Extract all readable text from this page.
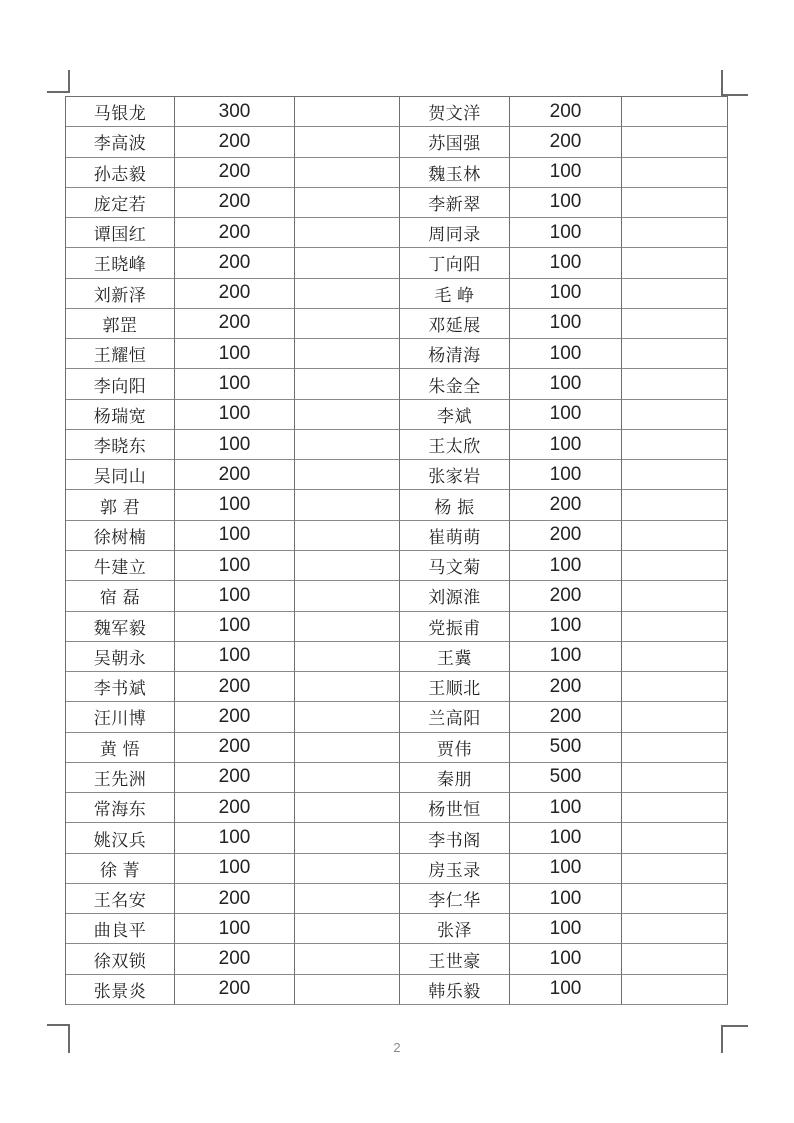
马银龙	300	贺文洋	200
李高波	200	苏国强	200
孙志毅	200	魏玉林	100
庞定若	200	李新翠	100
谭国红	200	周同录	100
王晓峰	200	丁向阳	100
刘新泽	200	毛 峥	100
郭罡	200	邓延展	100
王耀恒	100	杨清海	100
李向阳	100	朱金全	100
杨瑞宽	100	李斌	100
李晓东	100	王太欣	100
吴同山	200	张家岩	100
郭 君	100	杨 振	200
徐树楠	100	崔萌萌	200
牛建立	100	马文菊	100
宿 磊	100	刘源淮	200
魏军毅	100	党振甫	100
吴朝永	100	王冀	100
李书斌	200	王顺北	200
汪川博	200	兰高阳	200
黄 悟	200	贾伟	500
王先洲	200	秦朋	500
常海东	200	杨世恒	100
姚汉兵	100	李书阁	100
徐 菁	100	房玉录	100
王名安	200	李仁华	100
曲良平	100	张泽	100
徐双锁	200	王世豪	100
张景炎	200	韩乐毅	100
2
